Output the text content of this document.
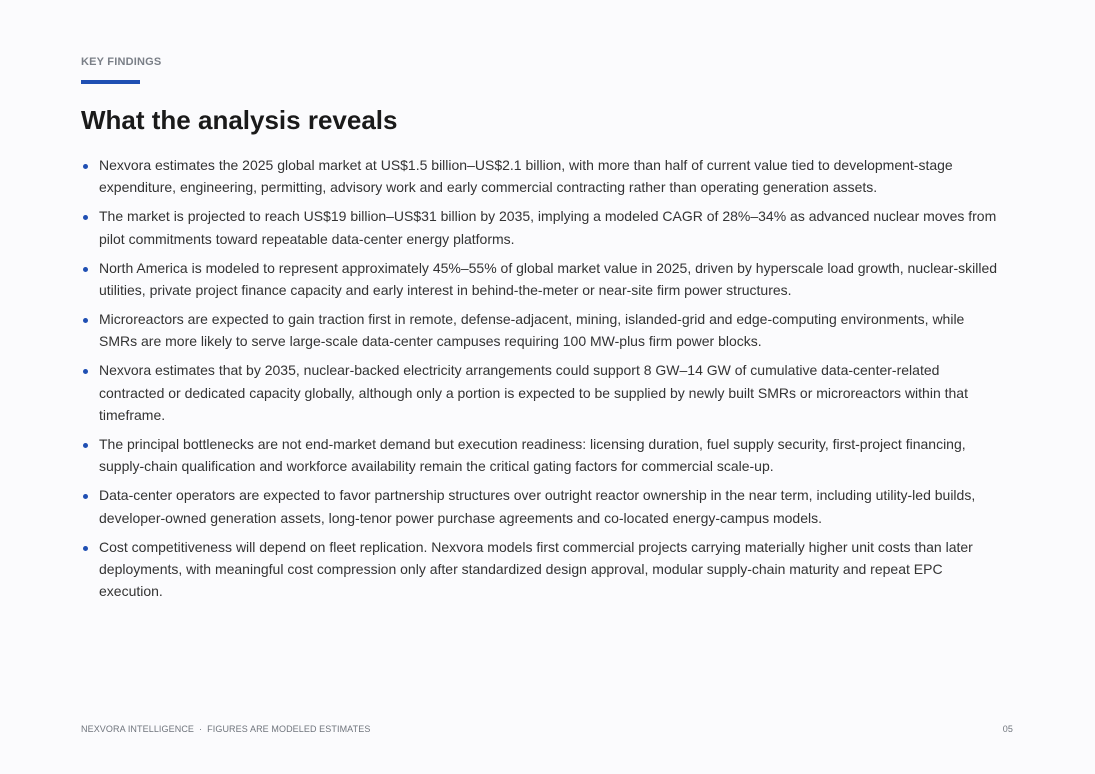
KEY FINDINGS
What the analysis reveals
Nexvora estimates the 2025 global market at US$1.5 billion–US$2.1 billion, with more than half of current value tied to development-stage expenditure, engineering, permitting, advisory work and early commercial contracting rather than operating generation assets.
The market is projected to reach US$19 billion–US$31 billion by 2035, implying a modeled CAGR of 28%–34% as advanced nuclear moves from pilot commitments toward repeatable data-center energy platforms.
North America is modeled to represent approximately 45%–55% of global market value in 2025, driven by hyperscale load growth, nuclear-skilled utilities, private project finance capacity and early interest in behind-the-meter or near-site firm power structures.
Microreactors are expected to gain traction first in remote, defense-adjacent, mining, islanded-grid and edge-computing environments, while SMRs are more likely to serve large-scale data-center campuses requiring 100 MW-plus firm power blocks.
Nexvora estimates that by 2035, nuclear-backed electricity arrangements could support 8 GW–14 GW of cumulative data-center-related contracted or dedicated capacity globally, although only a portion is expected to be supplied by newly built SMRs or microreactors within that timeframe.
The principal bottlenecks are not end-market demand but execution readiness: licensing duration, fuel supply security, first-project financing, supply-chain qualification and workforce availability remain the critical gating factors for commercial scale-up.
Data-center operators are expected to favor partnership structures over outright reactor ownership in the near term, including utility-led builds, developer-owned generation assets, long-tenor power purchase agreements and co-located energy-campus models.
Cost competitiveness will depend on fleet replication. Nexvora models first commercial projects carrying materially higher unit costs than later deployments, with meaningful cost compression only after standardized design approval, modular supply-chain maturity and repeat EPC execution.
NEXVORA INTELLIGENCE · FIGURES ARE MODELED ESTIMATES	05
